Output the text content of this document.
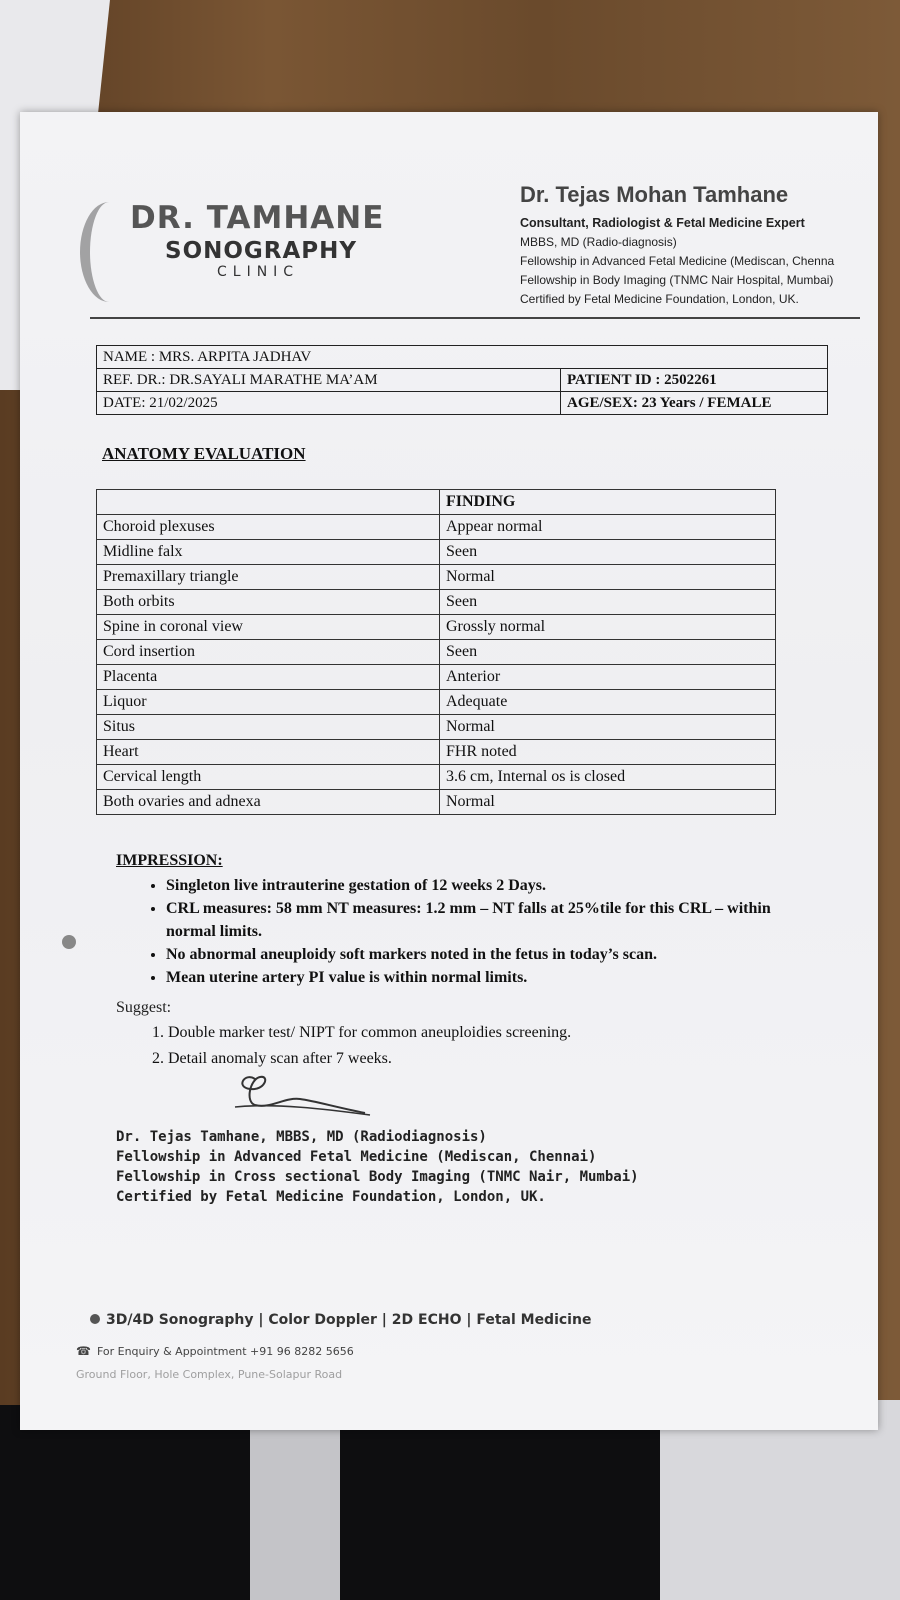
DR. TAMHANE
SONOGRAPHY
CLINIC
Dr. Tejas Mohan Tamhane
Consultant, Radiologist & Fetal Medicine Expert
MBBS, MD (Radio-diagnosis)
Fellowship in Advanced Fetal Medicine (Mediscan, Chenna
Fellowship in Body Imaging (TNMC Nair Hospital, Mumbai)
Certified by Fetal Medicine Foundation, London, UK.
NAME : MRS. ARPITA JADHAV	
REF. DR.: DR.SAYALI MARATHE MA’AM	PATIENT ID : 2502261
DATE: 21/02/2025	AGE/SEX: 23 Years / FEMALE
ANATOMY EVALUATION
	FINDING
Choroid plexuses	Appear normal
Midline falx	Seen
Premaxillary triangle	Normal
Both orbits	Seen
Spine in coronal view	Grossly normal
Cord insertion	Seen
Placenta	Anterior
Liquor	Adequate
Situs	Normal
Heart	FHR noted
Cervical length	3.6 cm, Internal os is closed
Both ovaries and adnexa	Normal
IMPRESSION:
• Singleton live intrauterine gestation of 12 weeks 2 Days.
• CRL measures: 58 mm NT measures: 1.2 mm – NT falls at 25%tile for this CRL – within normal limits.
• No abnormal aneuploidy soft markers noted in the fetus in today’s scan.
• Mean uterine artery PI value is within normal limits.
Suggest:
1. Double marker test/ NIPT for common aneuploidies screening.
2. Detail anomaly scan after 7 weeks.
Dr. Tejas Tamhane, MBBS, MD (Radiodiagnosis)
Fellowship in Advanced Fetal Medicine (Mediscan, Chennai)
Fellowship in Cross sectional Body Imaging (TNMC Nair, Mumbai)
Certified by Fetal Medicine Foundation, London, UK.
3D/4D Sonography | Color Doppler | 2D ECHO | Fetal Medicine
☎ For Enquiry & Appointment +91 96 8282 5656
Ground Floor, Hole Complex, Pune-Solapur Road
